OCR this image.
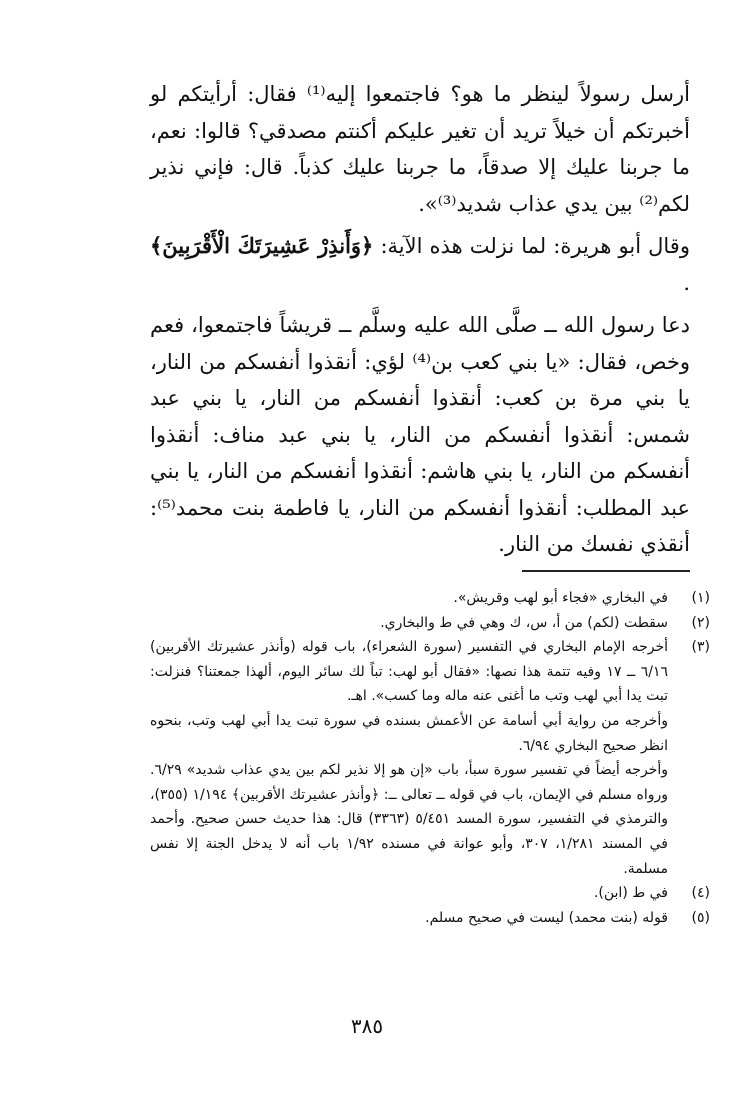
أرسل رسولاً لينظر ما هو؟ فاجتمعوا إليه⁽¹⁾ فقال: أرأيتكم لو أخبرتكم أن خيلاً تريد أن تغير عليكم أكنتم مصدقي؟ قالوا: نعم، ما جربنا عليك إلا صدقاً، ما جربنا عليك كذباً. قال: فإني نذير لكم⁽²⁾ بين يدي عذاب شديد⁽³⁾».

وقال أبو هريرة: لما نزلت هذه الآية: ﴿وَأَنذِرْ عَشِيرَتَكَ الْأَقْرَبِينَ﴾ .

دعا رسول الله ــ صلَّى الله عليه وسلَّم ــ قريشاً فاجتمعوا، فعم وخص، فقال: «يا بني كعب بن⁽⁴⁾ لؤي: أنقذوا أنفسكم من النار، يا بني مرة بن كعب: أنقذوا أنفسكم من النار، يا بني عبد شمس: أنقذوا أنفسكم من النار، يا بني عبد مناف: أنقذوا أنفسكم من النار، يا بني هاشم: أنقذوا أنفسكم من النار، يا بني عبد المطلب: أنقذوا أنفسكم من النار، يا فاطمة بنت محمد⁽⁵⁾: أنقذي نفسك من النار.

(١)
في البخاري «فجاء أبو لهب وقريش».
(٢)
سقطت (لكم) من أ، س، ك وهي في ط والبخاري.
(٣)
أخرجه الإمام البخاري في التفسير (سورة الشعراء)، باب قوله (وأنذر عشيرتك الأقربين) ٦/١٦ ــ ١٧ وفيه تتمة هذا نصها: «فقال أبو لهب: تباً لك سائر اليوم، ألهذا جمعتنا؟ فنزلت: تبت يدا أبي لهب وتب ما أغنى عنه ماله وما كسب». اهـ.
وأخرجه من رواية أبي أسامة عن الأعمش بسنده في سورة تبت يدا أبي لهب وتب، بنحوه انظر صحيح البخاري ٦/٩٤.
وأخرجه أيضاً في تفسير سورة سبأ، باب «إن هو إلا نذير لكم بين يدي عذاب شديد» ٦/٢٩. ورواه مسلم في الإيمان، باب في قوله ــ تعالى ــ: ﴿وأنذر عشيرتك الأقربين﴾ ١/١٩٤ (٣٥٥)، والترمذي في التفسير، سورة المسد ٥/٤٥١ (٣٣٦٣) قال: هذا حديث حسن صحيح. وأحمد في المسند ١/٢٨١، ٣٠٧، وأبو عوانة في مسنده ١/٩٢ باب أنه لا يدخل الجنة إلا نفس مسلمة.
(٤)
في ط (ابن).
(٥)
قوله (بنت محمد) ليست في صحيح مسلم.
٣٨٥
